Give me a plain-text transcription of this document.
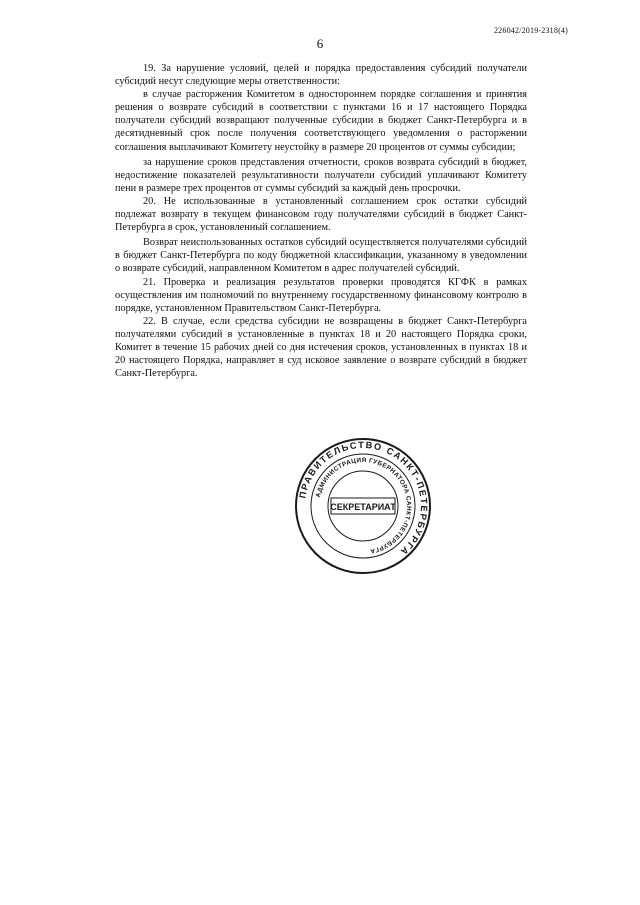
226042/2019-2318(4)
6

19. За нарушение условий, целей и порядка предоставления субсидий получатели субсидий несут следующие меры ответственности:

в случае расторжения Комитетом в одностороннем порядке соглашения и принятия решения о возврате субсидий в соответствии с пунктами 16 и 17 настоящего Порядка получатели субсидий возвращают полученные субсидии в бюджет Санкт-Петербурга и в десятидневный срок после получения соответствующего уведомления о расторжении соглашения выплачивают Комитету неустойку в размере 20 процентов от суммы субсидии;

за нарушение сроков представления отчетности, сроков возврата субсидий в бюджет, недостижение показателей результативности получатели субсидий уплачивают Комитету пени в размере трех процентов от суммы субсидий за каждый день просрочки.

20. Не использованные в установленный соглашением срок остатки субсидий подлежат возврату в текущем финансовом году получателями субсидий в бюджет Санкт-Петербурга в срок, установленный соглашением.

Возврат неиспользованных остатков субсидий осуществляется получателями субсидий в бюджет Санкт-Петербурга по коду бюджетной классификации, указанному в уведомлении о возврате субсидий, направленном Комитетом в адрес получателей субсидий.

21. Проверка и реализация результатов проверки проводятся КГФК в рамках осуществления им полномочий по внутреннему государственному финансовому контролю в порядке, установленном Правительством Санкт-Петербурга.

22. В случае, если средства субсидии не возвращены в бюджет Санкт-Петербурга получателями субсидий в установленные в пунктах 18 и 20 настоящего Порядка сроки, Комитет в течение 15 рабочих дней со дня истечения сроков, установленных в пунктах 18 и 20 настоящего Порядка, направляет в суд исковое заявление о возврате субсидий в бюджет Санкт-Петербурга.

ПРАВИТЕЛЬСТВО САНКТ-ПЕТЕРБУРГА
АДМИНИСТРАЦИЯ ГУБЕРНАТОРА САНКТ-ПЕТЕРБУРГА
СЕКРЕТАРИАТ
